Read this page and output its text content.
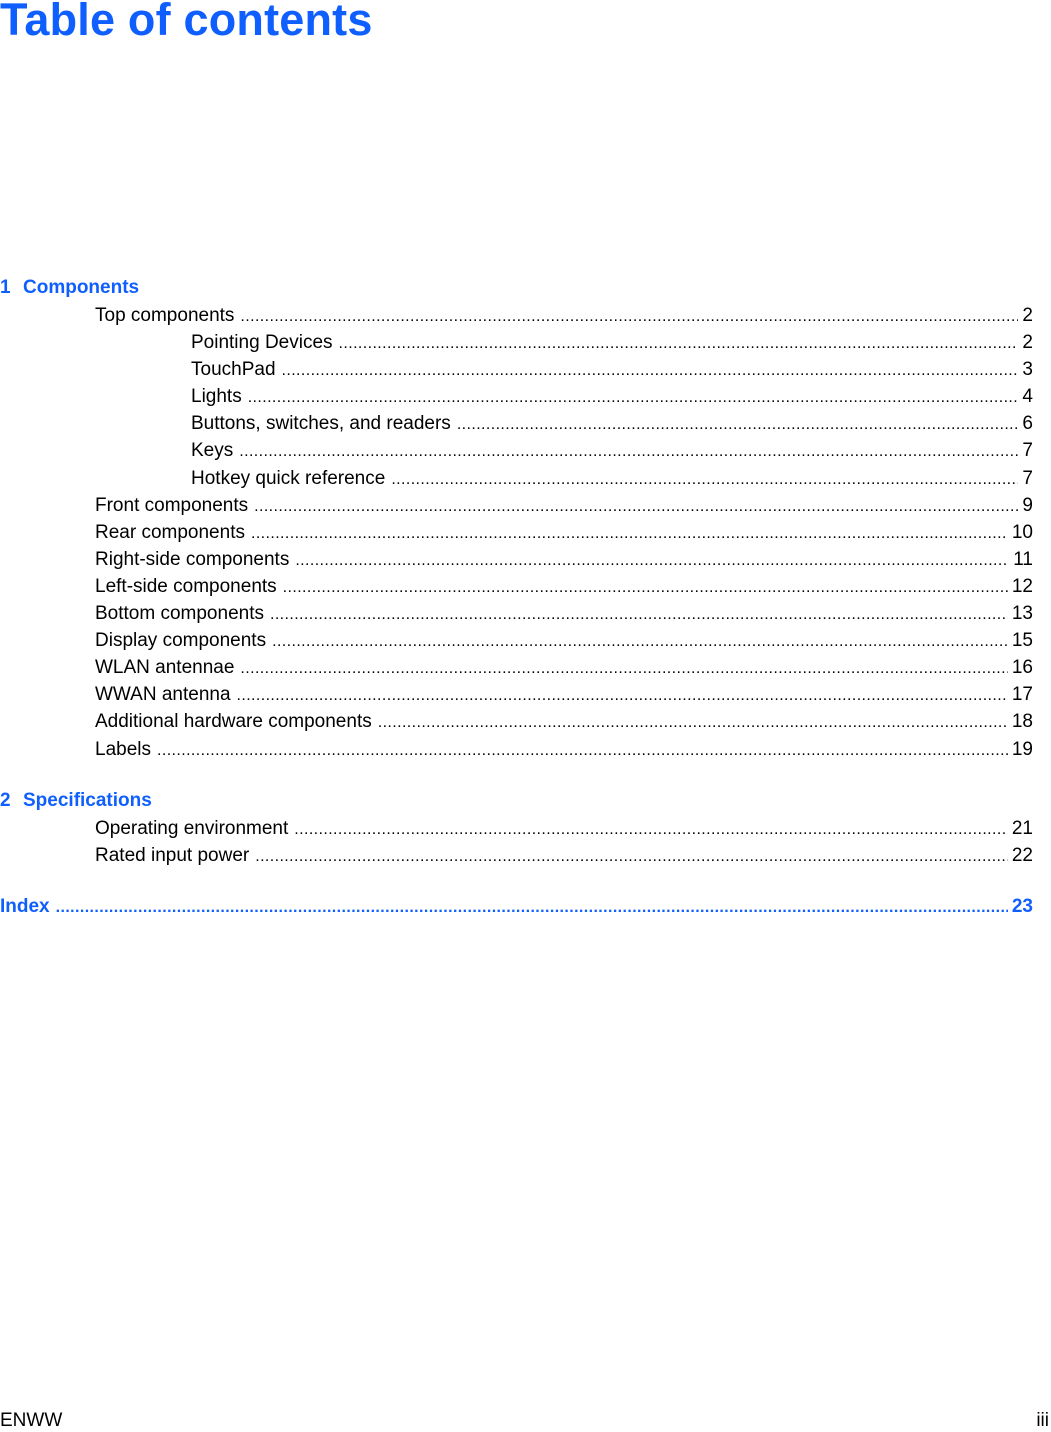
Table of contents
1 Components
Top components .....	2
Pointing Devices .....	2
TouchPad .....	3
Lights .....	4
Buttons, switches, and readers .....	6
Keys .....	7
Hotkey quick reference .....	7
Front components .....	9
Rear components .....	10
Right-side components .....	11
Left-side components .....	12
Bottom components .....	13
Display components .....	15
WLAN antennae .....	16
WWAN antenna .....	17
Additional hardware components .....	18
Labels .....	19
2 Specifications
Operating environment .....	21
Rated input power .....	22
Index .....	23
ENWW	iii
